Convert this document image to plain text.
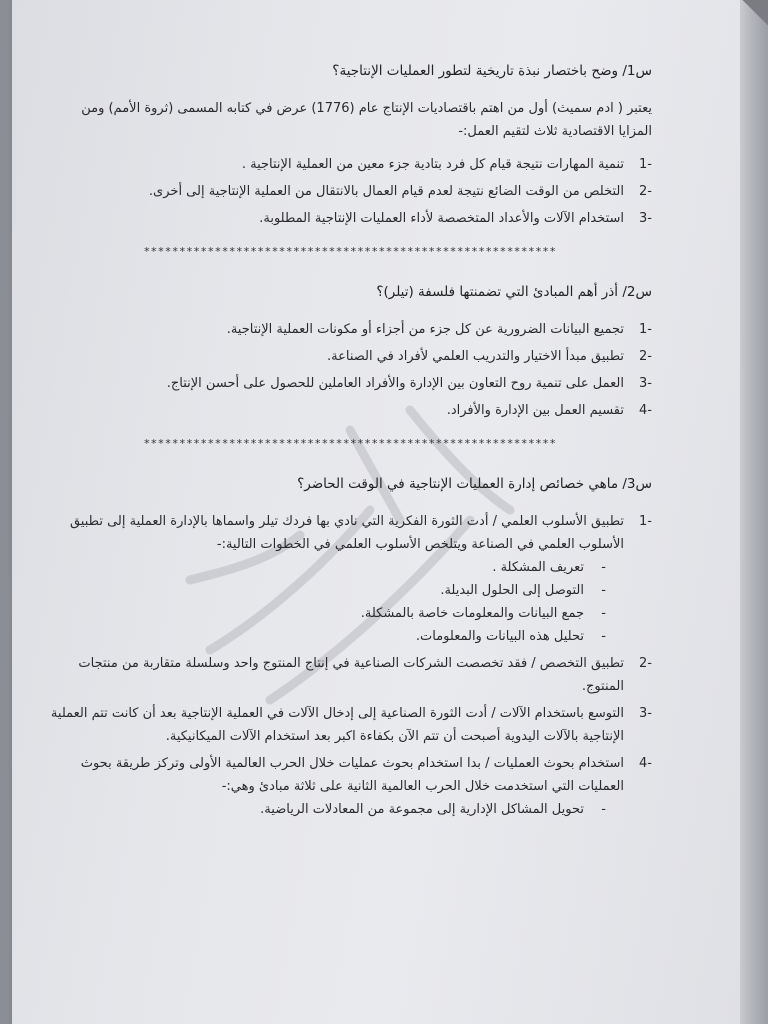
س1/ وضح باختصار نبذة تاريخية لتطور العمليات الإنتاجية؟
يعتبر ( ادم سميث) أول من اهتم باقتصاديات الإنتاج عام (1776) عرض في كتابه المسمى (ثروة الأمم) ومن المزايا الاقتصادية ثلاث لتقيم العمل:-
-1
تنمية المهارات نتيجة قيام كل فرد بتادية جزء معين من العملية الإنتاجية .
-2
التخلص من الوقت الضائع نتيجة لعدم قيام العمال بالانتقال من العملية الإنتاجية إلى أخرى.
-3
استخدام الآلات والأعداد المتخصصة لأداء العمليات الإنتاجية المطلوبة.
**********************************************************
س2/ أذر أهم المبادئ التي تضمنتها فلسفة (تيلر)؟
-1
تجميع البيانات الضرورية عن كل جزء من أجزاء أو مكونات العملية الإنتاجية.
-2
تطبيق مبدأ الاختيار والتدريب العلمي لأفراد في الصناعة.
-3
العمل على تنمية روح التعاون بين الإدارة والأفراد العاملين للحصول على أحسن الإنتاج.
-4
تقسيم العمل بين الإدارة والأفراد.
**********************************************************
س3/ ماهي خصائص إدارة العمليات الإنتاجية في الوقت الحاضر؟
-1
تطبيق الأسلوب العلمي / أدت الثورة الفكرية التي نادي بها فردك تيلر واسماها بالإدارة العملية إلى تطبيق الأسلوب العلمي في الصناعة ويتلخص الأسلوب العلمي في الخطوات التالية:-
-
تعريف المشكلة .
-
التوصل إلى الحلول البديلة.
-
جمع البيانات والمعلومات خاصة بالمشكلة.
-
تحليل هذه البيانات والمعلومات.
-2
تطبيق التخصص / فقد تخصصت الشركات الصناعية في إنتاج المنتوج واحد وسلسلة متقاربة من منتجات المنتوج.
-3
التوسع باستخدام الآلات / أدت الثورة الصناعية إلى إدخال الآلات في العملية الإنتاجية بعد أن كانت تتم العملية الإنتاجية بالآلات اليدوية أصبحت أن تتم الآن بكفاءة اكبر بعد استخدام الآلات الميكانيكية.
-4
استخدام بحوث العمليات / بدا استخدام بحوث عمليات خلال الحرب العالمية الأولى وتركز طريقة بحوث العمليات التي استخدمت خلال الحرب العالمية الثانية على ثلاثة مبادئ وهي:-
-
تحويل المشاكل الإدارية إلى مجموعة من المعادلات الرياضية.
